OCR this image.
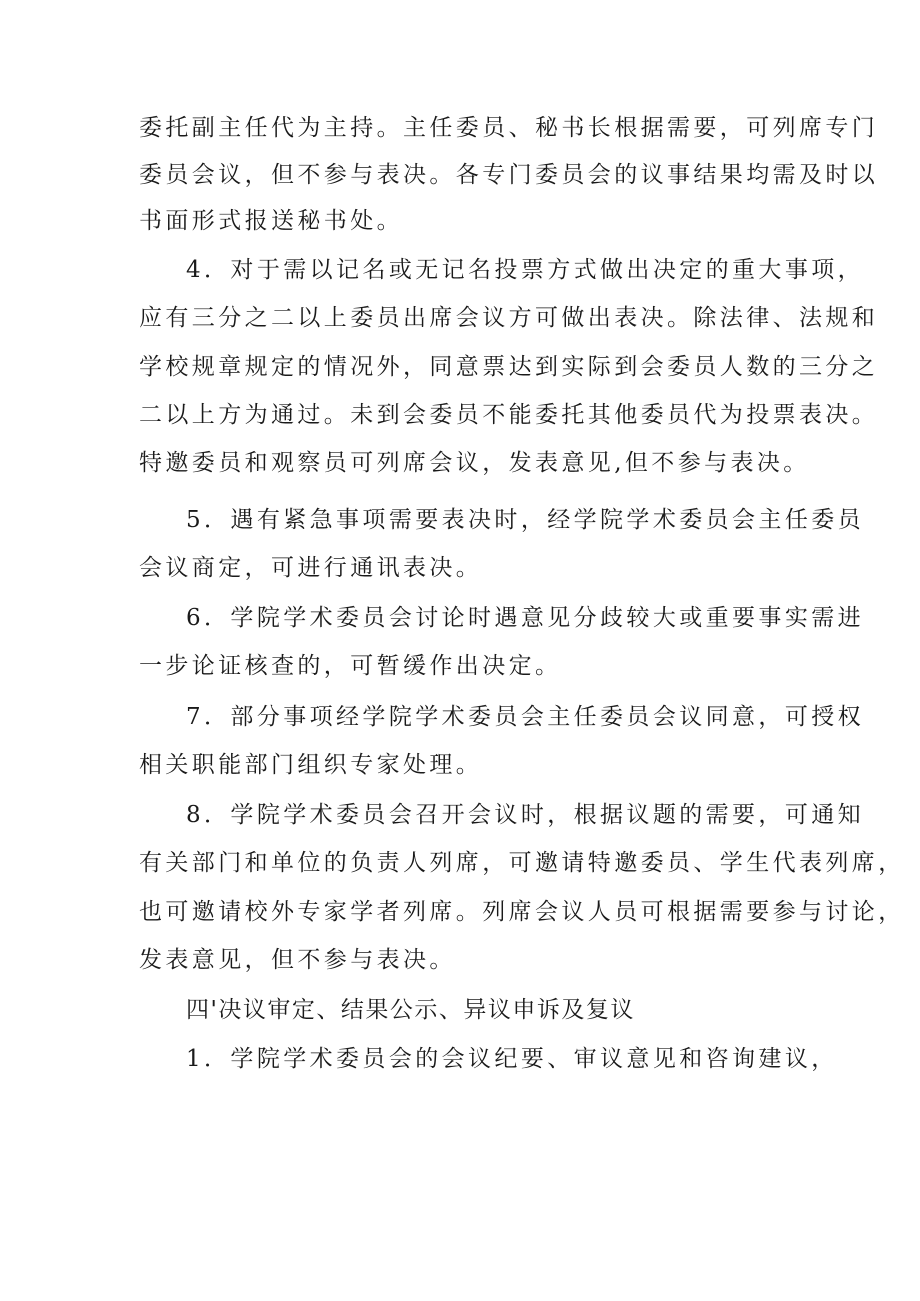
委托副主任代为主持。主任委员、秘书长根据需要，可列席专门
委员会议，但不参与表决。各专门委员会的议事结果均需及时以
书面形式报送秘书处。
4．对于需以记名或无记名投票方式做出决定的重大事项，
应有三分之二以上委员出席会议方可做出表决。除法律、法规和
学校规章规定的情况外，同意票达到实际到会委员人数的三分之
二以上方为通过。未到会委员不能委托其他委员代为投票表决。
特邀委员和观察员可列席会议，发表意见,但不参与表决。
5．遇有紧急事项需要表决时，经学院学术委员会主任委员
会议商定，可进行通讯表决。
6．学院学术委员会讨论时遇意见分歧较大或重要事实需进
一步论证核查的，可暂缓作出决定。
7．部分事项经学院学术委员会主任委员会议同意，可授权
相关职能部门组织专家处理。
8．学院学术委员会召开会议时，根据议题的需要，可通知
有关部门和单位的负责人列席，可邀请特邀委员、学生代表列席，
也可邀请校外专家学者列席。列席会议人员可根据需要参与讨论，
发表意见，但不参与表决。
四'决议审定、结果公示、异议申诉及复议
1．学院学术委员会的会议纪要、审议意见和咨询建议，
